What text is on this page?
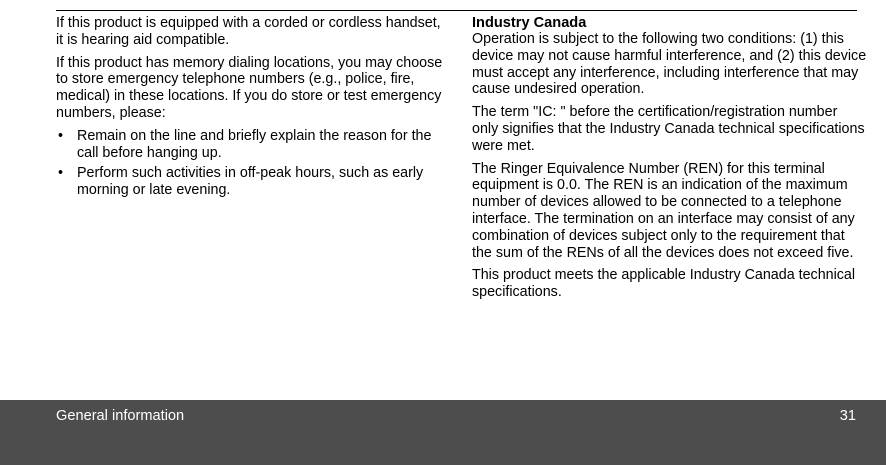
If this product is equipped with a corded or cordless handset, it is hearing aid compatible.

If this product has memory dialing locations, you may choose to store emergency telephone numbers (e.g., police, fire, medical) in these locations. If you do store or test emergency numbers, please:

• Remain on the line and briefly explain the reason for the call before hanging up.
• Perform such activities in off-peak hours, such as early morning or late evening.
Industry Canada

Operation is subject to the following two conditions: (1) this device may not cause harmful interference, and (2) this device must accept any interference, including interference that may cause undesired operation.

The term "IC: " before the certification/registration number only signifies that the Industry Canada technical specifications were met.

The Ringer Equivalence Number (REN) for this terminal equipment is 0.0. The REN is an indication of the maximum number of devices allowed to be connected to a telephone interface. The termination on an interface may consist of any combination of devices subject only to the requirement that the sum of the RENs of all the devices does not exceed five.

This product meets the applicable Industry Canada technical specifications.

General information	31
